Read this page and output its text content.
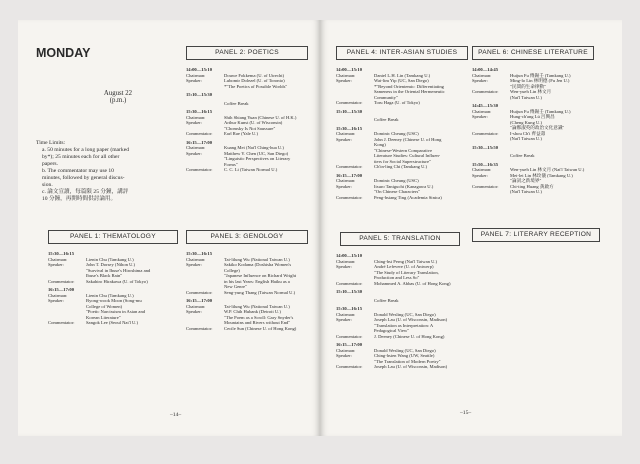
MONDAY
August 22
(p.m.)
Time Limits:
a. 50 minutes for a long paper (marked
by*); 25 minutes each for all other
papers.
b. The commentator may use 10
minutes, followed by general discus-
sion.
c. 論文宣讀，每篇限 25 分鐘，講評
10 分鐘，再開時間供討論用。
PANEL 2: POETICS
14:00—15:10
Chairman:	Douwe Fokkema (U. of Utrecht)
Speaker:	Lubomir Dolezel (U. of Toronto)
*"The Poetics of Possible Worlds"
15:10—15:30
Coffee Break
15:30—16:15
Chairman:	Shih Shiang Yuan (Chinese U. of H.K.)
Speaker:	Arthur Kunst (U. of Wisconsin)
"Chomsky Is Not Saussure"
Commentator:	Earl Rae (Yale U.)
16:15—17:00
Chairman:	Kuang Mei (Nat'l Ching-hua U.)
Speaker:	Matthew Y. Chen (UC, San Diego)
"Linguistic Perspectives on Literary
Forms"
Commentator:	C. C. Li (Taiwan Normal U.)
PANEL 1: THEMATOLOGY
15:30—16:15
Chairman:	Lienin Chu (Tamkang U.)
Speaker:	John T. Dorsey (Nihon U.)
"Survival in Ibuse's Hiroshima and
Ibuse's Black Rain"
Commentator:	Sakahiro Hirakawa (U. of Tokyo)
16:15—17:00
Chairman:	Lienin Chu (Tamkang U.)
Speaker:	Byong-wook Moon (Song-mu
College of Women)
"Poetic Narcissism in Asian and
Korean Literature"
Commentator:	Sangok Lee (Seoul Nat'l U.)
PANEL 3: GENOLOGY
15:30—16:15
Chairman:	Tai-lilung Wu (National Taiwan U.)
Speaker:	Sakiko Kodama (Doshisha Women's
College)
"Japanese Influence on Richard Wright
in his last Years: English Haiku as a
New Genre"
Commentator:	Seng-yung Thang (Taiwan Normal U.)
16:15—17:00
Chairman:	Tai-lilung Wu (National Taiwan U.)
Speaker:	W.P. Chih Hubank (Detroit U.)
"The Poem as a Scroll: Gary Snyder's
Mountains and Rivers without End"
Commentator:	Cecile Sun (Chinese U. of Hong Kong)
–14–
PANEL 4: INTER-ASIAN STUDIES
14:00—15:10
Chairman:	Daniel L.H. Lin (Tamkang U.)
Speaker:	Wai-lim Yip (UC, San Diego)
*"Beyond Orientemic: Differentiating
Sameness in the Oriental Hermeneutic
Community"
Commentator:	Toru Haga (U. of Tokyo)
15:10—15:30
Coffee Break
15:30—16:15
Chairman:	Dominic Cheung (USC)
Speaker:	John J. Deeney (Chinese U. of Hong
Kong)
"Chinese-Western Comparative
Literature Studies: Cultural Influen-
tiers for Social Superstructure"
Commentator:	Ch'in-ling Chi (Tamkang U.)
16:15—17:00
Chairman:	Dominic Cheung (USC)
Speaker:	Itsuro Taniguchi (Kanagawa U.)
"On Chinese Characters"
Commentator:	Peng-hsiang Ting (Academia Sinica)
PANEL 6: CHINESE LITERATURE
14:00—14:45
Chairman:	Huijun Fu 傅錫壬 (Tamkang U.)
Speaker:	Ming-lo Lin 林明德 (Fu Jen U.)
"民間的生命律動"
Commentator:	Wen-yueh Lin 林文月
(Nat'l Taiwan U.)
14:45—15:30
Chairman:	Huijun Fu 傅錫壬 (Tamkang U.)
Speaker:	Hung-ch'ang Lü 呂興昌
(Cheng Kung U.)
"論鄭淑英的政治文化意識"
Commentator:	I-shou Ch'i 齊益壽
(Nat'l Taiwan U.)
15:30—15:50
Coffee Break
15:50—16:35
Chairman:	Wen-yueh Lin 林文月 (Nat'l Taiwan U.)
Speaker:	Mei-lei Lin 林玫儀 (Tamkang U.)
"論詞之新境界"
Commentator:	Chi-ting Huang 黃啟方
(Nat'l Taiwan U.)
PANEL 5: TRANSLATION
14:00—15:10
Chairman:	Ching-hsi Perng (Nat'l Taiwan U.)
Speaker:	André Lefevere (U. of Antwerp)
"The Study of Literary Translation,
Production and Less So"
Commentator:	Mohammed A. Abbas (U. of Hong Kong)
15:10—15:30
Coffee Break
15:30—16:15
Chairman:	Donald Wesling (UC, San Diego)
Speaker:	Joseph Lau (U. of Wisconsin, Madison)
"Translation as Interpretation: A
Pedagogical View"
Commentator:	J. Deeney (Chinese U. of Hong Kong)
16:15—17:00
Chairman:	Donald Wesling (UC, San Diego)
Speaker:	Ching-hsien Wang (UW, Seattle)
"The Translation of Modern Poetry"
Commentator:	Joseph Lau (U. of Wisconsin, Madison)
PANEL 7: LITERARY RECEPTION
–15–
